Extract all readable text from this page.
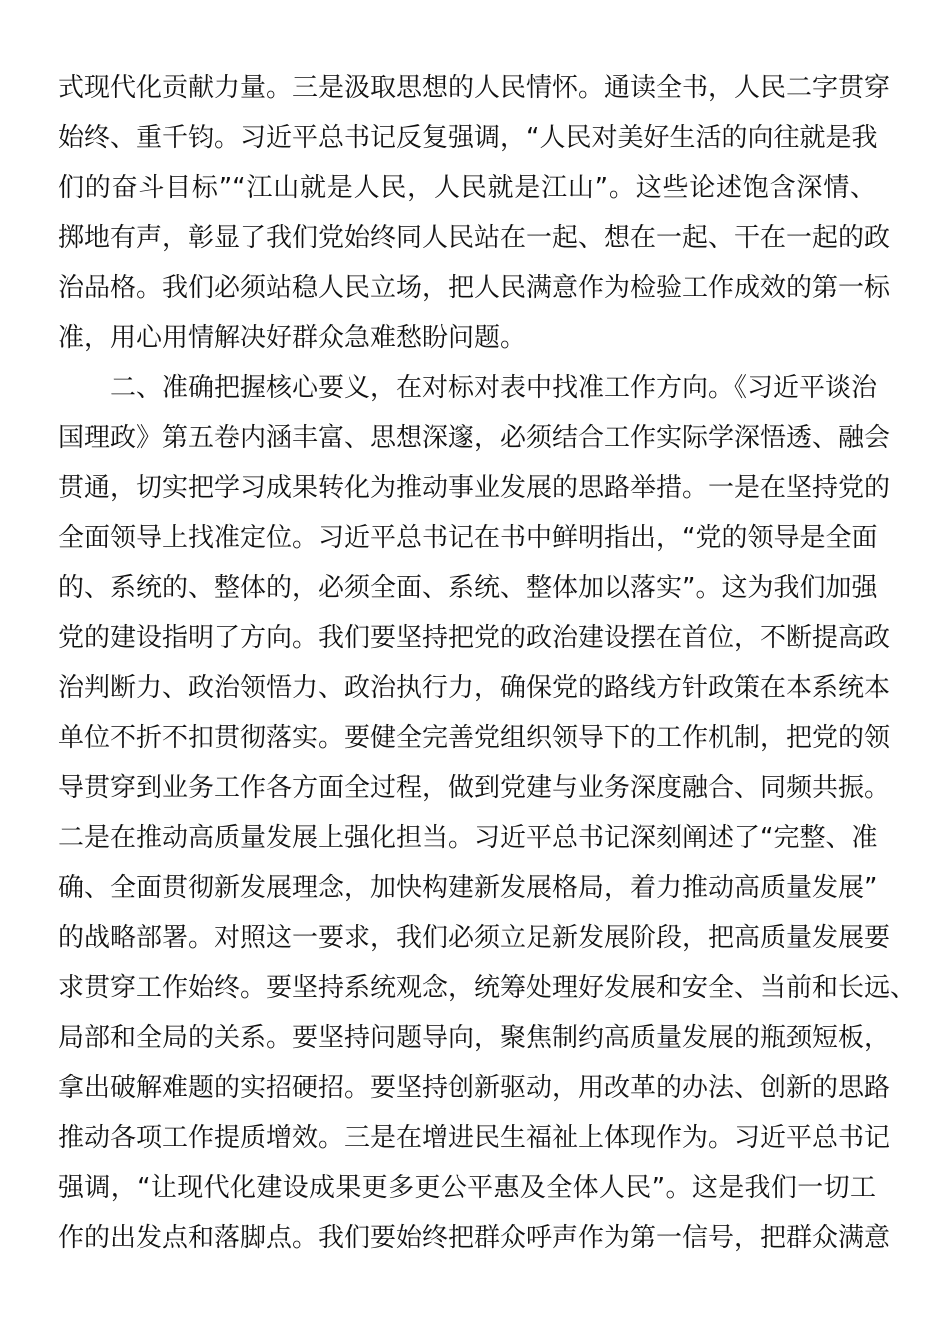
式现代化贡献力量。三是汲取思想的人民情怀。通读全书，人民二字贯穿
始终、重千钧。习近平总书记反复强调，“人民对美好生活的向往就是我
们的奋斗目标”“江山就是人民，人民就是江山”。这些论述饱含深情、
掷地有声，彰显了我们党始终同人民站在一起、想在一起、干在一起的政
治品格。我们必须站稳人民立场，把人民满意作为检验工作成效的第一标
准，用心用情解决好群众急难愁盼问题。
二、准确把握核心要义，在对标对表中找准工作方向。《习近平谈治
国理政》第五卷内涵丰富、思想深邃，必须结合工作实际学深悟透、融会
贯通，切实把学习成果转化为推动事业发展的思路举措。一是在坚持党的
全面领导上找准定位。习近平总书记在书中鲜明指出，“党的领导是全面
的、系统的、整体的，必须全面、系统、整体加以落实”。这为我们加强
党的建设指明了方向。我们要坚持把党的政治建设摆在首位，不断提高政
治判断力、政治领悟力、政治执行力，确保党的路线方针政策在本系统本
单位不折不扣贯彻落实。要健全完善党组织领导下的工作机制，把党的领
导贯穿到业务工作各方面全过程，做到党建与业务深度融合、同频共振。
二是在推动高质量发展上强化担当。习近平总书记深刻阐述了“完整、准
确、全面贯彻新发展理念，加快构建新发展格局，着力推动高质量发展”
的战略部署。对照这一要求，我们必须立足新发展阶段，把高质量发展要
求贯穿工作始终。要坚持系统观念，统筹处理好发展和安全、当前和长远、
局部和全局的关系。要坚持问题导向，聚焦制约高质量发展的瓶颈短板，
拿出破解难题的实招硬招。要坚持创新驱动，用改革的办法、创新的思路
推动各项工作提质增效。三是在增进民生福祉上体现作为。习近平总书记
强调，“让现代化建设成果更多更公平惠及全体人民”。这是我们一切工
作的出发点和落脚点。我们要始终把群众呼声作为第一信号，把群众满意
